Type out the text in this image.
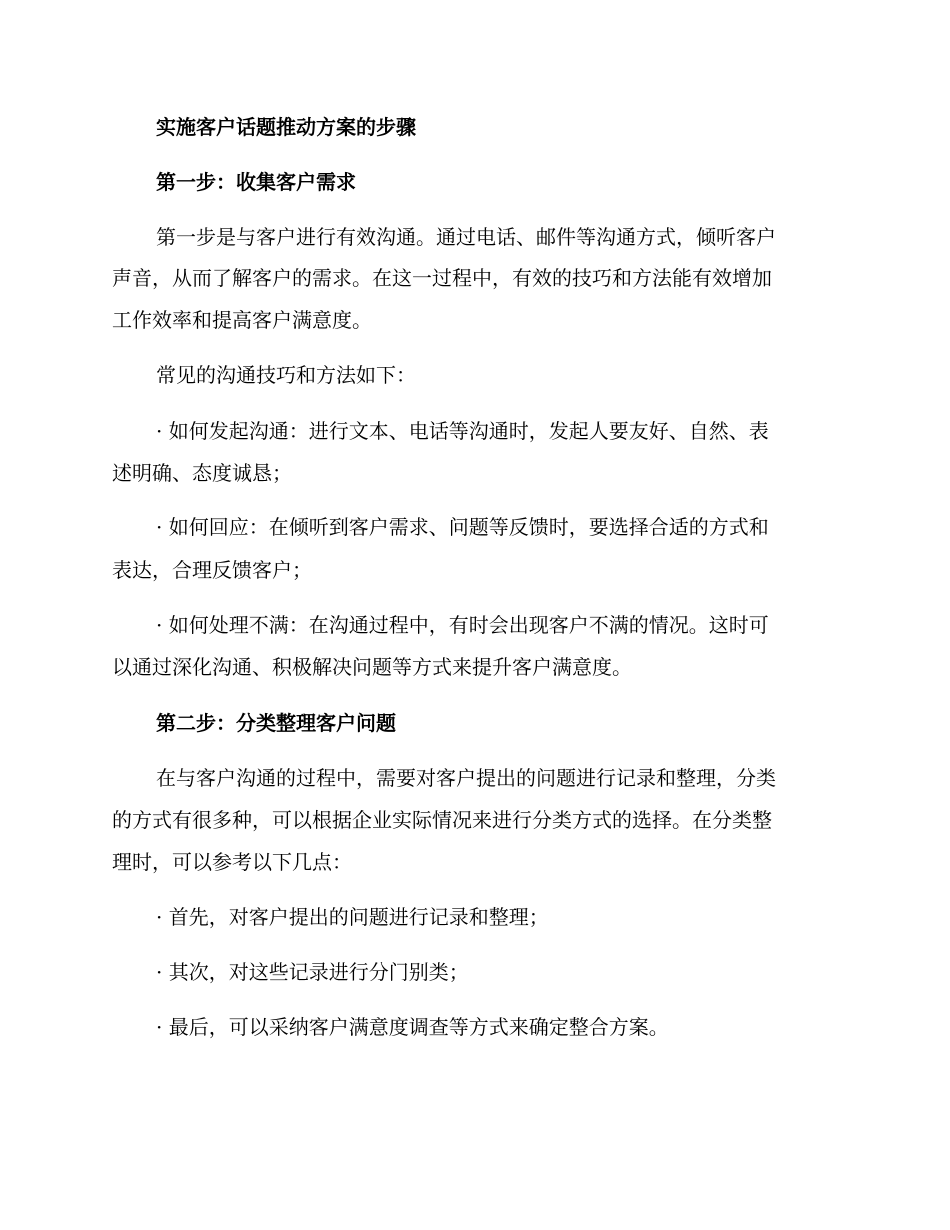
实施客户话题推动方案的步骤

第一步：收集客户需求

第一步是与客户进行有效沟通。通过电话、邮件等沟通方式，倾听客户

声音，从而了解客户的需求。在这一过程中，有效的技巧和方法能有效增加

工作效率和提高客户满意度。

常见的沟通技巧和方法如下：

· 如何发起沟通：进行文本、电话等沟通时，发起人要友好、自然、表

述明确、态度诚恳；

· 如何回应：在倾听到客户需求、问题等反馈时，要选择合适的方式和

表达，合理反馈客户；

· 如何处理不满：在沟通过程中，有时会出现客户不满的情况。这时可

以通过深化沟通、积极解决问题等方式来提升客户满意度。

第二步：分类整理客户问题

在与客户沟通的过程中，需要对客户提出的问题进行记录和整理，分类

的方式有很多种，可以根据企业实际情况来进行分类方式的选择。在分类整

理时，可以参考以下几点：

· 首先，对客户提出的问题进行记录和整理；

· 其次，对这些记录进行分门别类；

· 最后，可以采纳客户满意度调查等方式来确定整合方案。
